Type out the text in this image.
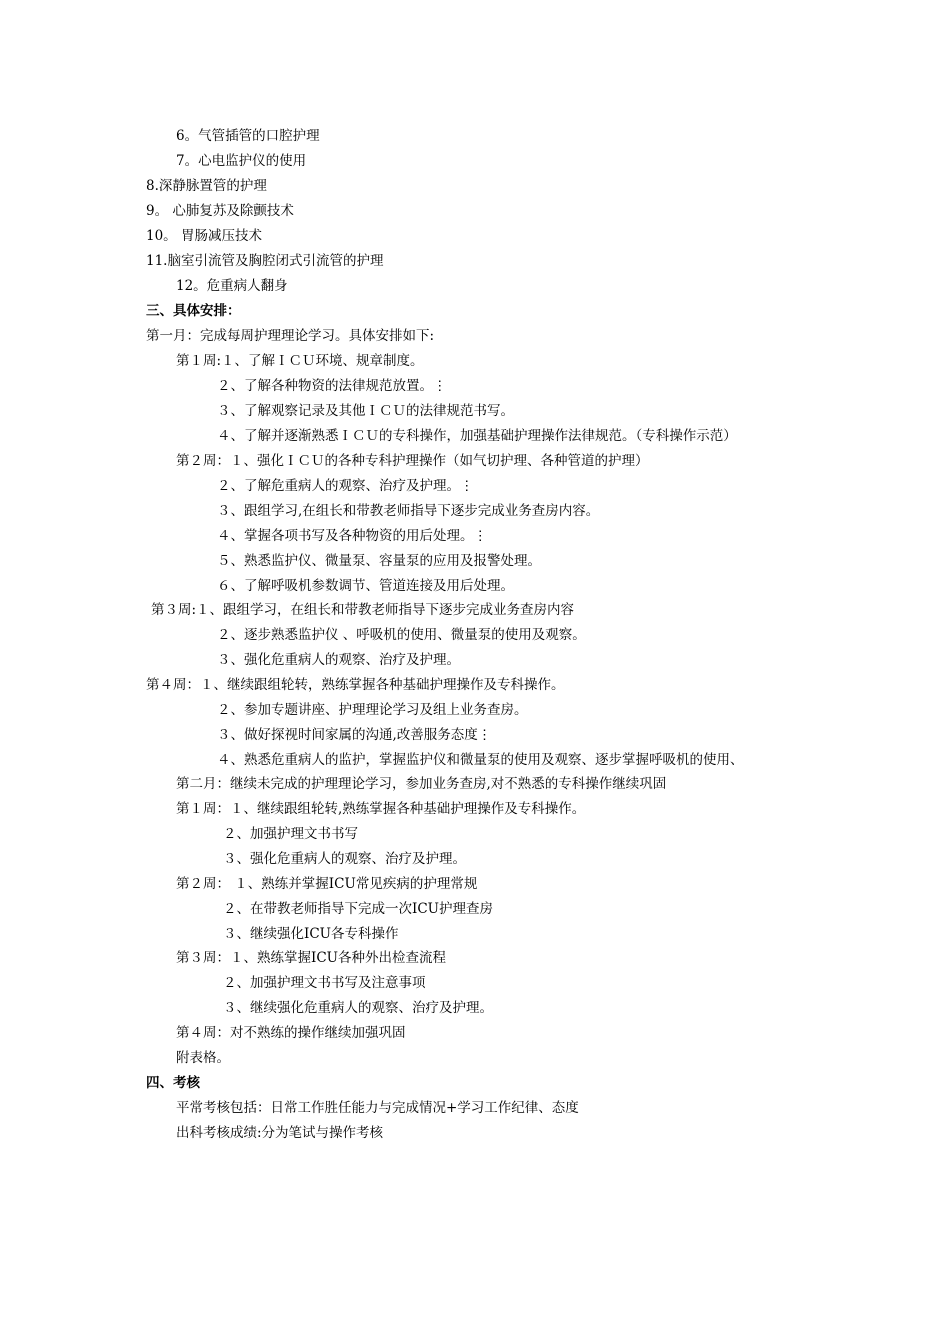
6。气管插管的口腔护理
7。心电监护仪的使用
8.深静脉置管的护理
9。 心肺复苏及除颤技术
10。 胃肠减压技术
11.脑室引流管及胸腔闭式引流管的护理
12。危重病人翻身
三、具体安排：
第一月：完成每周护理理论学习。具体安排如下:
第１周:１、了解ＩＣＵ环境、规章制度。
２、了解各种物资的法律规范放置。⋮
３、了解观察记录及其他ＩＣＵ的法律规范书写。
４、了解并逐渐熟悉ＩＣＵ的专科操作，加强基础护理操作法律规范。（专科操作示范）
第２周：１、强化ＩＣＵ的各种专科护理操作（如气切护理、各种管道的护理）
２、了解危重病人的观察、治疗及护理。⋮
３、跟组学习,在组长和带教老师指导下逐步完成业务查房内容。
４、掌握各项书写及各种物资的用后处理。⋮
５、熟悉监护仪、微量泵、容量泵的应用及报警处理。
６、了解呼吸机参数调节、管道连接及用后处理。
第３周:１、跟组学习，在组长和带教老师指导下逐步完成业务查房内容
２、逐步熟悉监护仪 、呼吸机的使用、微量泵的使用及观察。
３、强化危重病人的观察、治疗及护理。
第４周：１、继续跟组轮转，熟练掌握各种基础护理操作及专科操作。
２、参加专题讲座、护理理论学习及组上业务查房。
３、做好探视时间家属的沟通,改善服务态度⋮
４、熟悉危重病人的监护，掌握监护仪和微量泵的使用及观察、逐步掌握呼吸机的使用、
第二月：继续未完成的护理理论学习，参加业务查房,对不熟悉的专科操作继续巩固
第１周：１、继续跟组轮转,熟练掌握各种基础护理操作及专科操作。
２、加强护理文书书写
３、强化危重病人的观察、治疗及护理。
第２周： １、熟练并掌握ICU常见疾病的护理常规
２、在带教老师指导下完成一次ICU护理查房
３、继续强化ICU各专科操作
第３周：１、熟练掌握ICU各种外出检查流程
２、加强护理文书书写及注意事项
３、继续强化危重病人的观察、治疗及护理。
第４周：对不熟练的操作继续加强巩固
附表格。
四、考核
平常考核包括：日常工作胜任能力与完成情况+学习工作纪律、态度
出科考核成绩:分为笔试与操作考核
